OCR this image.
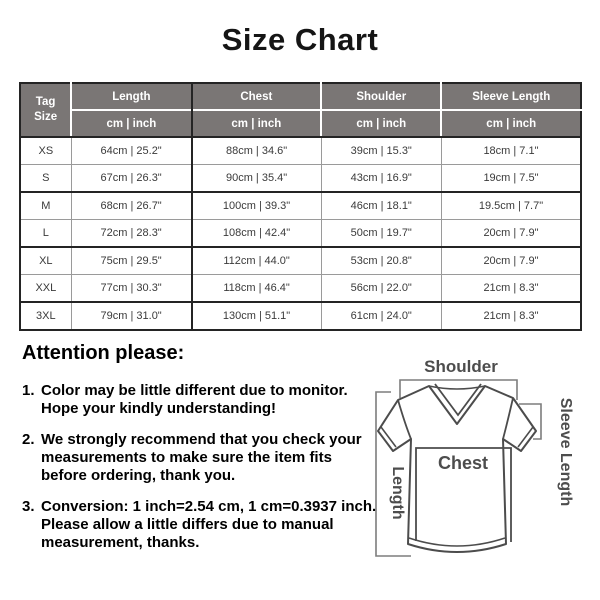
Size Chart
Tag
Size	Length	Chest	Shoulder	Sleeve Length
	cm | inch	cm | inch	cm | inch	cm | inch
XS	64cm | 25.2"	88cm | 34.6"	39cm | 15.3"	18cm | 7.1"
S	67cm | 26.3"	90cm | 35.4"	43cm | 16.9"	19cm | 7.5"
M	68cm | 26.7"	100cm | 39.3"	46cm | 18.1"	19.5cm | 7.7"
L	72cm | 28.3"	108cm | 42.4"	50cm | 19.7"	20cm | 7.9"
XL	75cm | 29.5"	112cm | 44.0"	53cm | 20.8"	20cm | 7.9"
XXL	77cm | 30.3"	118cm | 46.4"	56cm | 22.0"	21cm | 8.3"
3XL	79cm | 31.0"	130cm | 51.1"	61cm | 24.0"	21cm | 8.3"
Attention please:
1. Color may be little different due to monitor.
Hope your kindly understanding!
2. We strongly recommend that you check your
measurements to make sure the item fits
before ordering, thank you.
3. Conversion: 1 inch=2.54 cm, 1 cm=0.3937 inch.
Please allow a little differs due to manual
measurement, thanks.
Shoulder
Sleeve Length
Length
Chest
